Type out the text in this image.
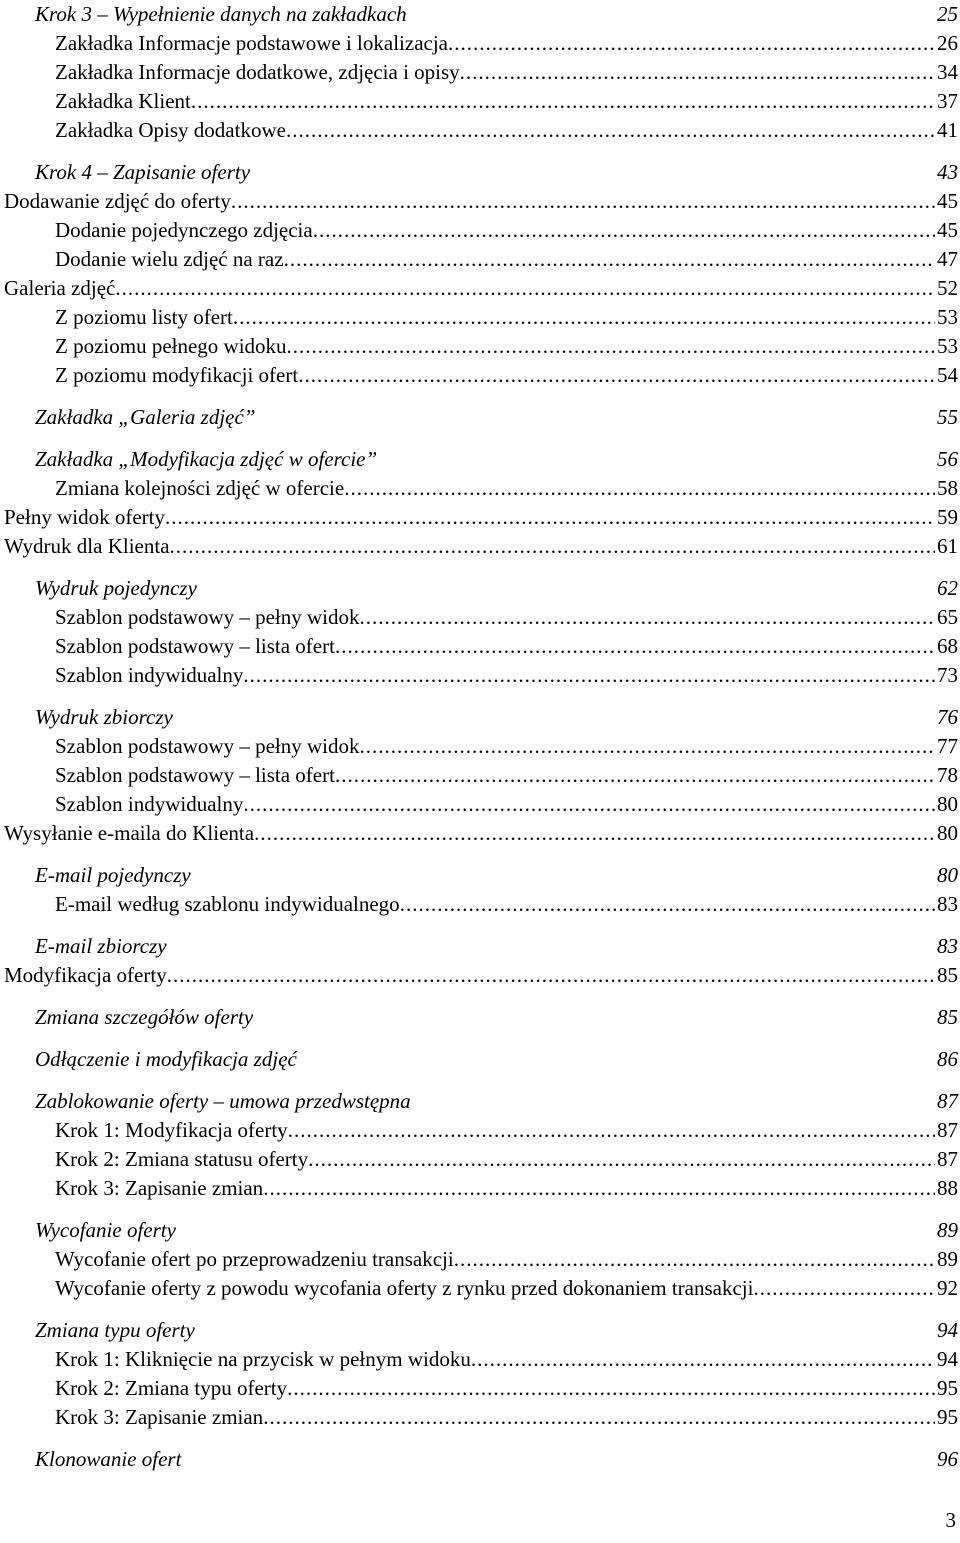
Krok 3 – Wypełnienie danych na zakładkach	25
Zakładka Informacje podstawowe i lokalizacja .....	26
Zakładka Informacje dodatkowe, zdjęcia i opisy .....	34
Zakładka Klient .....	37
Zakładka Opisy dodatkowe .....	41
Krok 4 – Zapisanie oferty	43
Dodawanie zdjęć do oferty .....	45
Dodanie pojedynczego zdjęcia .....	45
Dodanie wielu zdjęć na raz .....	47
Galeria zdjęć .....	52
Z poziomu listy ofert .....	53
Z poziomu pełnego widoku .....	53
Z poziomu modyfikacji ofert .....	54
Zakładka „Galeria zdjęć”	55
Zakładka „Modyfikacja zdjęć w ofercie”	56
Zmiana kolejności zdjęć w ofercie .....	58
Pełny widok oferty .....	59
Wydruk dla Klienta .....	61
Wydruk pojedynczy	62
Szablon podstawowy – pełny widok .....	65
Szablon podstawowy – lista ofert .....	68
Szablon indywidualny .....	73
Wydruk zbiorczy	76
Szablon podstawowy – pełny widok .....	77
Szablon podstawowy – lista ofert .....	78
Szablon indywidualny .....	80
Wysyłanie e-maila do Klienta .....	80
E-mail pojedynczy	80
E-mail według szablonu indywidualnego .....	83
E-mail zbiorczy	83
Modyfikacja oferty .....	85
Zmiana szczegółów oferty	85
Odłączenie i modyfikacja zdjęć	86
Zablokowanie oferty – umowa przedwstępna	87
Krok 1: Modyfikacja oferty .....	87
Krok 2: Zmiana statusu oferty .....	87
Krok 3: Zapisanie zmian .....	88
Wycofanie oferty	89
Wycofanie ofert po przeprowadzeniu transakcji .....	89
Wycofanie oferty z powodu wycofania oferty z rynku przed dokonaniem transakcji .....	92
Zmiana typu oferty	94
Krok 1: Kliknięcie na przycisk w pełnym widoku .....	94
Krok 2: Zmiana typu oferty .....	95
Krok 3: Zapisanie zmian .....	95
Klonowanie ofert	96
3
